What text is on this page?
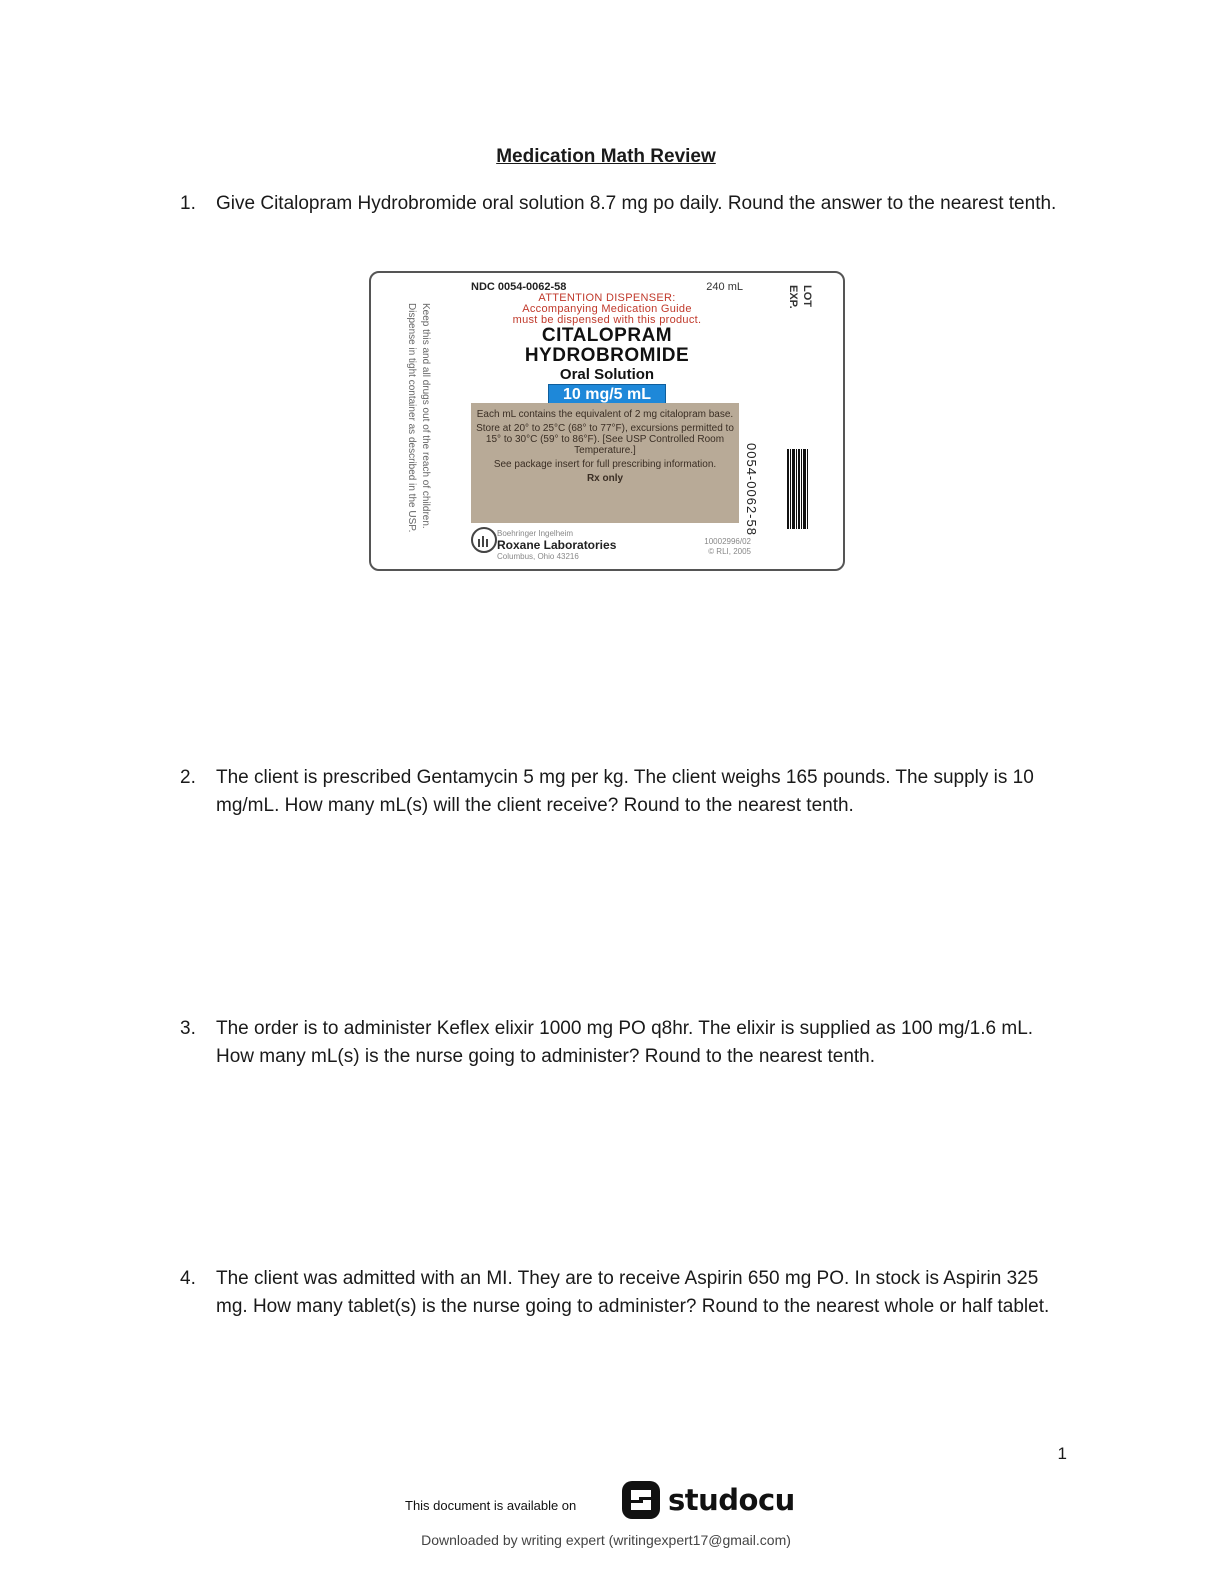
Medication Math Review
1.	Give Citalopram Hydrobromide oral solution 8.7 mg po daily. Round the answer to the nearest tenth.
Keep this and all drugs out of the reach of children.
Dispense in tight container as described in the USP.
NDC 0054-0062-58	240 mL
ATTENTION DISPENSER:
Accompanying Medication Guide
must be dispensed with this product.
CITALOPRAM
HYDROBROMIDE
Oral Solution
10 mg/5 mL

Each mL contains the equivalent of 2 mg citalopram base.

Store at 20° to 25°C (68° to 77°F), excursions permitted to 15° to 30°C (59° to 86°F). [See USP Controlled Room Temperature.]

See package insert for full prescribing information.

Rx only

Boehringer Ingelheim
Roxane Laboratories
Columbus, Ohio 43216
10002996/02
© RLI, 2005
LOT
EXP.
0054-0062-58
2.	The client is prescribed Gentamycin 5 mg per kg. The client weighs 165 pounds. The supply is 10 mg/mL. How many mL(s) will the client receive? Round to the nearest tenth.
3.	The order is to administer Keflex elixir 1000 mg PO q8hr. The elixir is supplied as 100 mg/1.6 mL. How many mL(s) is the nurse going to administer? Round to the nearest tenth.
4.	The client was admitted with an MI. They are to receive Aspirin 650 mg PO. In stock is Aspirin 325 mg. How many tablet(s) is the nurse going to administer? Round to the nearest whole or half tablet.
1
This document is available on	studocu
Downloaded by writing expert (writingexpert17@gmail.com)
